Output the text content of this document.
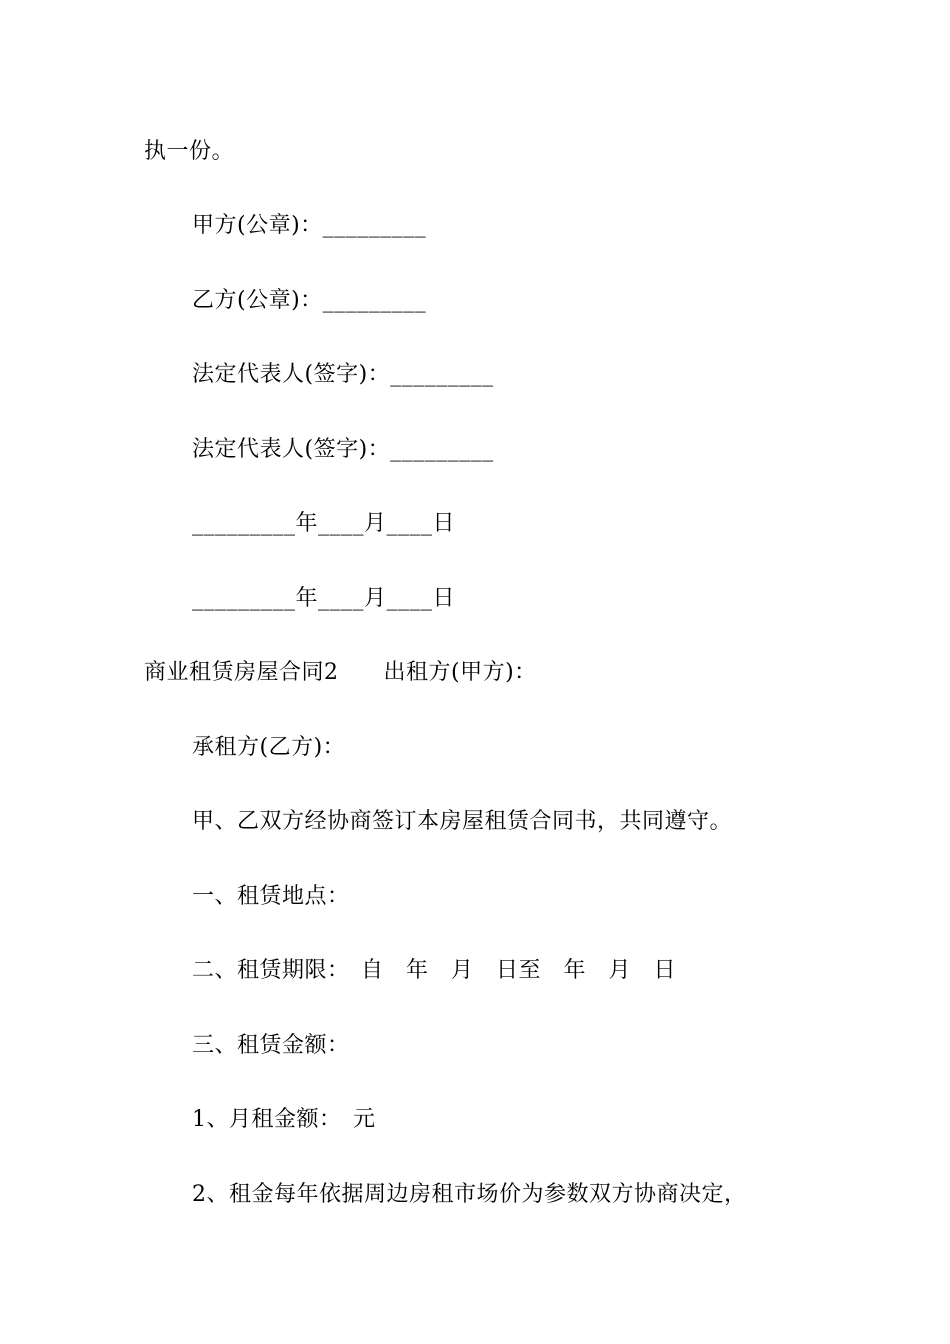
执一份。
甲方(公章)：_________
乙方(公章)：_________
法定代表人(签字)：_________
法定代表人(签字)：_________
_________年____月____日
_________年____月____日
商业租赁房屋合同2　　出租方(甲方)：
承租方(乙方)：
甲、乙双方经协商签订本房屋租赁合同书，共同遵守。
一、租赁地点：
二、租赁期限：　自　年　月　日至　年　月　日
三、租赁金额：
1、月租金额：　元
2、租金每年依据周边房租市场价为参数双方协商决定，
